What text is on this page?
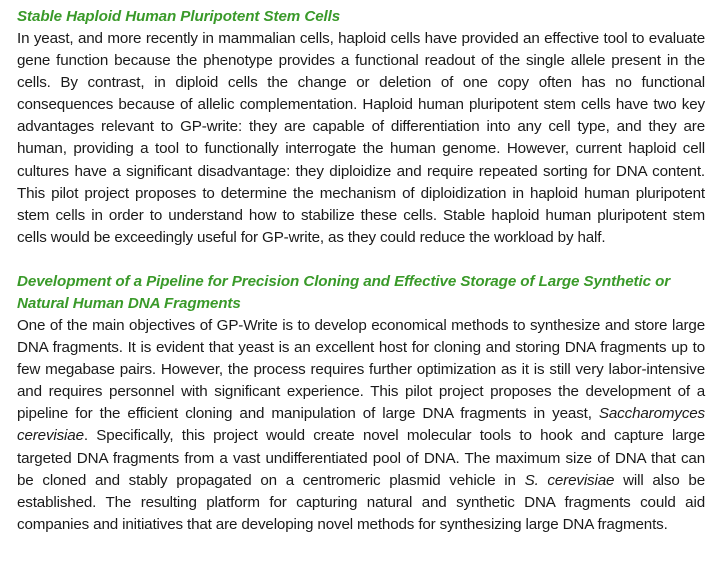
Stable Haploid Human Pluripotent Stem Cells

In yeast, and more recently in mammalian cells, haploid cells have provided an effective tool to evaluate gene function because the phenotype provides a functional readout of the single allele present in the cells. By contrast, in diploid cells the change or deletion of one copy often has no functional consequences because of allelic complementation. Haploid human pluripotent stem cells have two key advantages relevant to GP-write: they are capable of differentiation into any cell type, and they are human, providing a tool to functionally interrogate the human genome. However, current haploid cell cultures have a significant disadvantage: they diploidize and require repeated sorting for DNA content. This pilot project proposes to determine the mechanism of diploidization in haploid human pluripotent stem cells in order to understand how to stabilize these cells. Stable haploid human pluripotent stem cells would be exceedingly useful for GP-write, as they could reduce the workload by half.

Development of a Pipeline for Precision Cloning and Effective Storage of Large Synthetic or Natural Human DNA Fragments

One of the main objectives of GP-Write is to develop economical methods to synthesize and store large DNA fragments. It is evident that yeast is an excellent host for cloning and storing DNA fragments up to few megabase pairs. However, the process requires further optimization as it is still very labor-intensive and requires personnel with significant experience. This pilot project proposes the development of a pipeline for the efficient cloning and manipulation of large DNA fragments in yeast, Saccharomyces cerevisiae. Specifically, this project would create novel molecular tools to hook and capture large targeted DNA fragments from a vast undifferentiated pool of DNA. The maximum size of DNA that can be cloned and stably propagated on a centromeric plasmid vehicle in S. cerevisiae will also be established. The resulting platform for capturing natural and synthetic DNA fragments could aid companies and initiatives that are developing novel methods for synthesizing large DNA fragments.
